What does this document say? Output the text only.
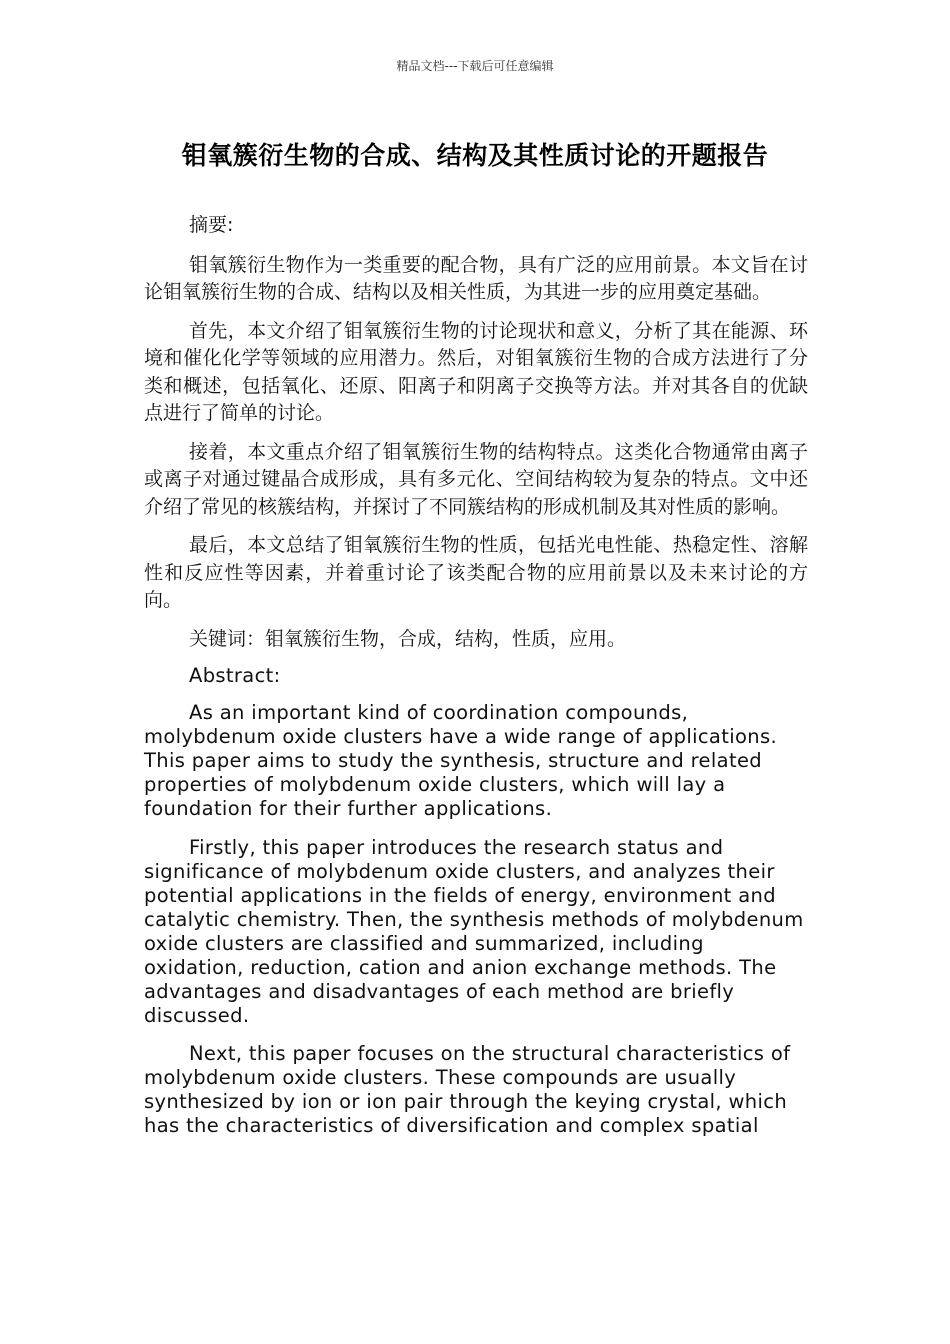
精品文档---下载后可任意编辑
钼氧簇衍生物的合成、结构及其性质讨论的开题报告

摘要:

钼氧簇衍生物作为一类重要的配合物，具有广泛的应用前景。本文旨在讨论钼氧簇衍生物的合成、结构以及相关性质，为其进一步的应用奠定基础。

首先，本文介绍了钼氧簇衍生物的讨论现状和意义，分析了其在能源、环境和催化化学等领域的应用潜力。然后，对钼氧簇衍生物的合成方法进行了分类和概述，包括氧化、还原、阳离子和阴离子交换等方法。并对其各自的优缺点进行了简单的讨论。

接着，本文重点介绍了钼氧簇衍生物的结构特点。这类化合物通常由离子或离子对通过键晶合成形成，具有多元化、空间结构较为复杂的特点。文中还介绍了常见的核簇结构，并探讨了不同簇结构的形成机制及其对性质的影响。

最后，本文总结了钼氧簇衍生物的性质，包括光电性能、热稳定性、溶解性和反应性等因素，并着重讨论了该类配合物的应用前景以及未来讨论的方向。

关键词：钼氧簇衍生物，合成，结构，性质，应用。

Abstract:

As an important kind of coordination compounds, molybdenum oxide clusters have a wide range of applications. This paper aims to study the synthesis, structure and related properties of molybdenum oxide clusters, which will lay a foundation for their further applications.

Firstly, this paper introduces the research status and significance of molybdenum oxide clusters, and analyzes their potential applications in the fields of energy, environment and catalytic chemistry. Then, the synthesis methods of molybdenum oxide clusters are classified and summarized, including oxidation, reduction, cation and anion exchange methods. The advantages and disadvantages of each method are briefly discussed.

Next, this paper focuses on the structural characteristics of molybdenum oxide clusters. These compounds are usually synthesized by ion or ion pair through the keying crystal, which has the characteristics of diversification and complex spatial
